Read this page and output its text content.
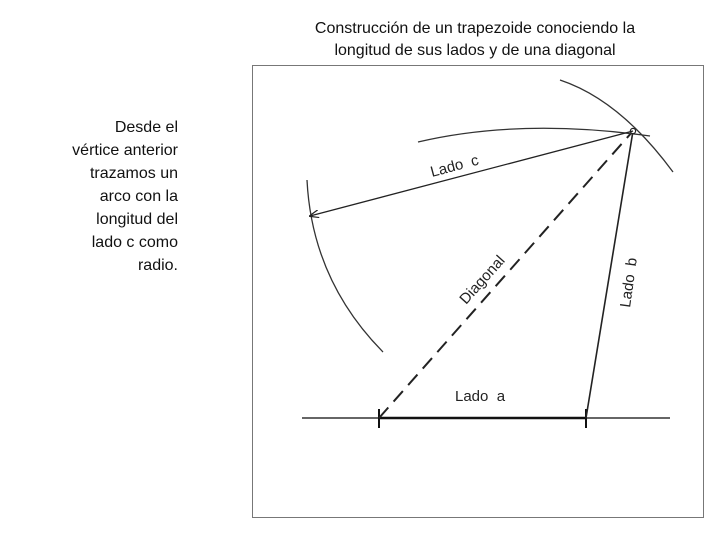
Construcción de un trapezoide conociendo la
longitud de sus lados y de una diagonal
Desde el
vértice anterior
trazamos un
arco con la
longitud del
lado c como
radio.
Lado  c
Diagonal	Lado  b
Lado  a
